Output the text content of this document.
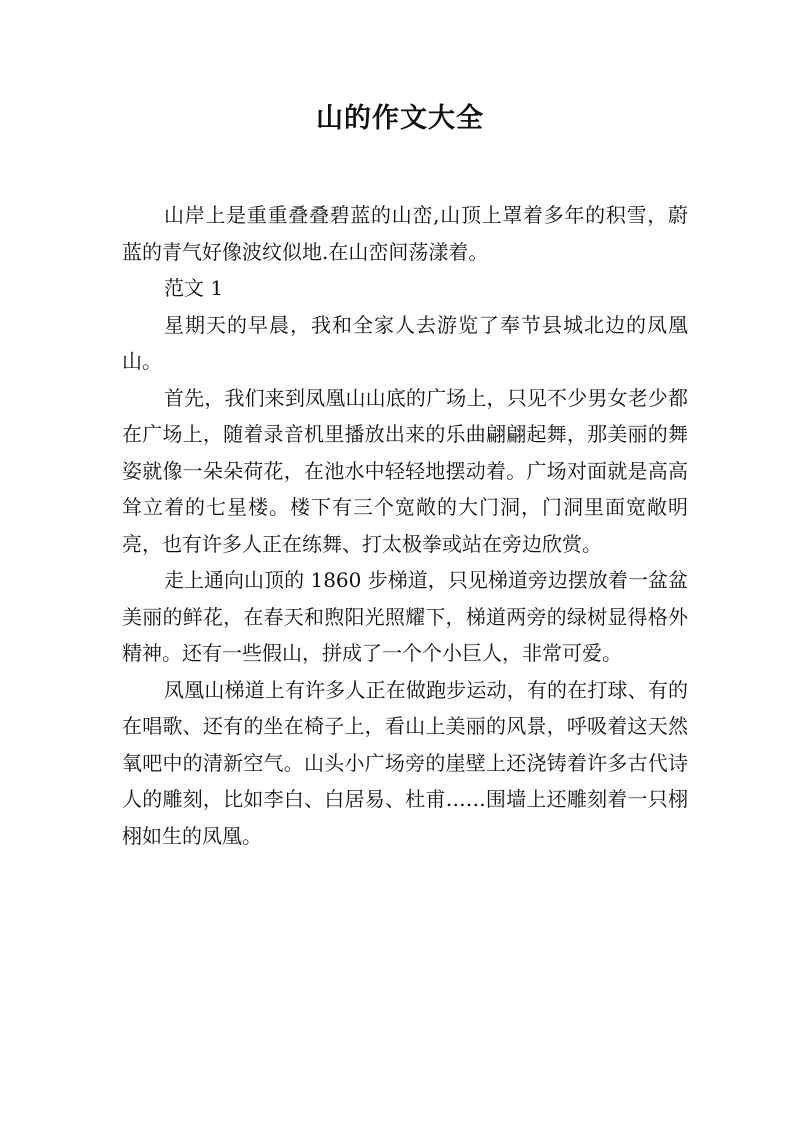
山的作文大全

山岸上是重重叠叠碧蓝的山峦,山顶上罩着多年的积雪，蔚蓝的青气好像波纹似地.在山峦间荡漾着。

范文 1

星期天的早晨，我和全家人去游览了奉节县城北边的凤凰山。

首先，我们来到凤凰山山底的广场上，只见不少男女老少都在广场上，随着录音机里播放出来的乐曲翩翩起舞，那美丽的舞姿就像一朵朵荷花，在池水中轻轻地摆动着。广场对面就是高高耸立着的七星楼。楼下有三个宽敞的大门洞，门洞里面宽敞明亮，也有许多人正在练舞、打太极拳或站在旁边欣赏。

走上通向山顶的 1860 步梯道，只见梯道旁边摆放着一盆盆美丽的鲜花，在春天和煦阳光照耀下，梯道两旁的绿树显得格外精神。还有一些假山，拼成了一个个小巨人，非常可爱。

凤凰山梯道上有许多人正在做跑步运动，有的在打球、有的在唱歌、还有的坐在椅子上，看山上美丽的风景，呼吸着这天然氧吧中的清新空气。山头小广场旁的崖壁上还浇铸着许多古代诗人的雕刻，比如李白、白居易、杜甫……围墙上还雕刻着一只栩栩如生的凤凰。
